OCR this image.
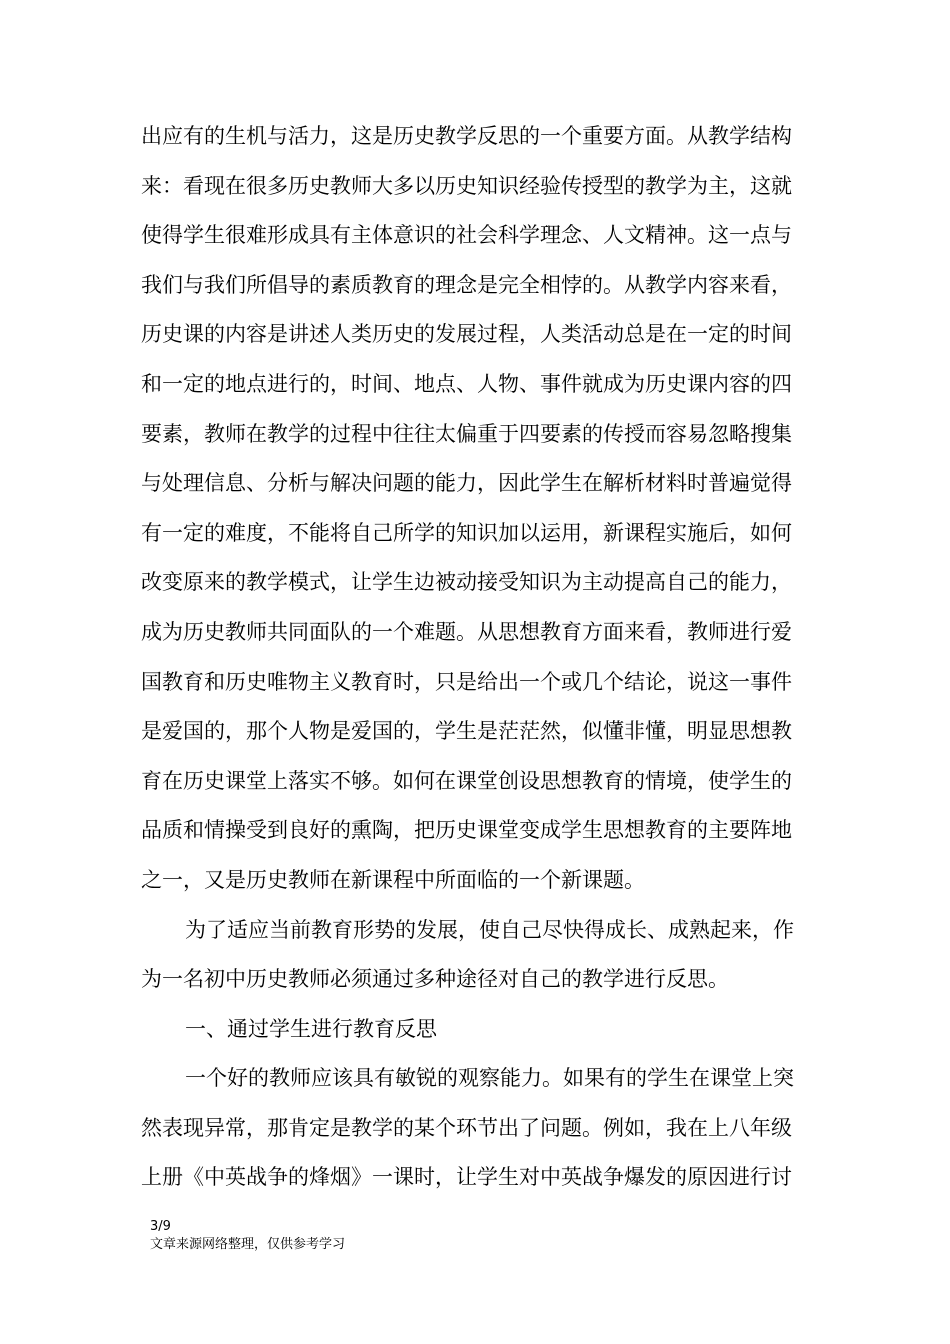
出应有的生机与活力，这是历史教学反思的一个重要方面。从教学结构
来：看现在很多历史教师大多以历史知识经验传授型的教学为主，这就
使得学生很难形成具有主体意识的社会科学理念、人文精神。这一点与
我们与我们所倡导的素质教育的理念是完全相悖的。从教学内容来看，
历史课的内容是讲述人类历史的发展过程，人类活动总是在一定的时间
和一定的地点进行的，时间、地点、人物、事件就成为历史课内容的四
要素，教师在教学的过程中往往太偏重于四要素的传授而容易忽略搜集
与处理信息、分析与解决问题的能力，因此学生在解析材料时普遍觉得
有一定的难度，不能将自己所学的知识加以运用，新课程实施后，如何
改变原来的教学模式，让学生边被动接受知识为主动提高自己的能力，
成为历史教师共同面队的一个难题。从思想教育方面来看，教师进行爱
国教育和历史唯物主义教育时，只是给出一个或几个结论，说这一事件
是爱国的，那个人物是爱国的，学生是茫茫然，似懂非懂，明显思想教
育在历史课堂上落实不够。如何在课堂创设思想教育的情境，使学生的
品质和情操受到良好的熏陶，把历史课堂变成学生思想教育的主要阵地
之一，又是历史教师在新课程中所面临的一个新课题。
为了适应当前教育形势的发展，使自己尽快得成长、成熟起来，作
为一名初中历史教师必须通过多种途径对自己的教学进行反思。
一、通过学生进行教育反思
一个好的教师应该具有敏锐的观察能力。如果有的学生在课堂上突
然表现异常，那肯定是教学的某个环节出了问题。例如，我在上八年级
上册《中英战争的烽烟》一课时，让学生对中英战争爆发的原因进行讨
3/9
文章来源网络整理，仅供参考学习
